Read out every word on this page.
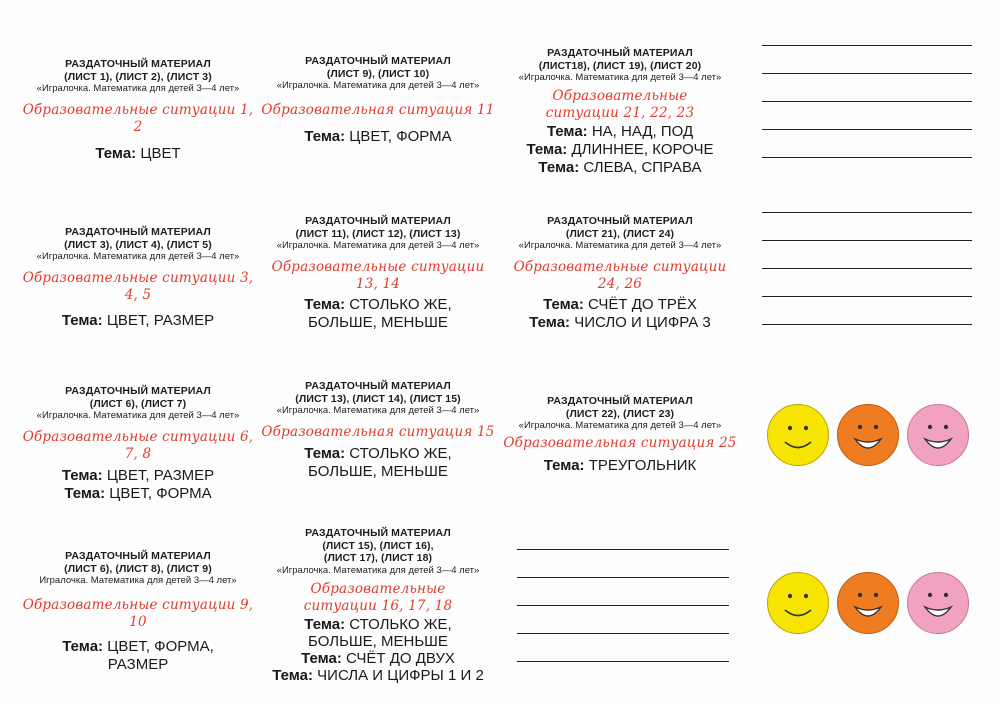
РАЗДАТОЧНЫЙ МАТЕРИАЛ
(ЛИСТ 1), (ЛИСТ 2), (ЛИСТ 3)
«Игралочка. Математика для детей 3—4 лет»
Образовательные ситуации 1, 2
Тема: ЦВЕТ
РАЗДАТОЧНЫЙ МАТЕРИАЛ
(ЛИСТ 9), (ЛИСТ 10)
«Игралочка. Математика для детей 3—4 лет»
Образовательная ситуация 11
Тема: ЦВЕТ, ФОРМА
РАЗДАТОЧНЫЙ МАТЕРИАЛ
(ЛИСТ18), (ЛИСТ 19), (ЛИСТ 20)
«Игралочка. Математика для детей 3—4 лет»
Образовательные
ситуации 21, 22, 23
Тема: НА, НАД, ПОД
Тема: ДЛИННЕЕ, КОРОЧЕ
Тема: СЛЕВА, СПРАВА
РАЗДАТОЧНЫЙ МАТЕРИАЛ
(ЛИСТ 3), (ЛИСТ 4), (ЛИСТ 5)
«Игралочка. Математика для детей 3—4 лет»
Образовательные ситуации 3, 4, 5
Тема: ЦВЕТ, РАЗМЕР
РАЗДАТОЧНЫЙ МАТЕРИАЛ
(ЛИСТ 11), (ЛИСТ 12), (ЛИСТ 13)
«Игралочка. Математика для детей 3—4 лет»
Образовательные ситуации 13, 14
Тема: СТОЛЬКО ЖЕ,
БОЛЬШЕ, МЕНЬШЕ
РАЗДАТОЧНЫЙ МАТЕРИАЛ
(ЛИСТ 21), (ЛИСТ 24)
«Игралочка. Математика для детей 3—4 лет»
Образовательные ситуации 24, 26
Тема: СЧЁТ ДО ТРЁХ
Тема: ЧИСЛО И ЦИФРА 3
РАЗДАТОЧНЫЙ МАТЕРИАЛ
(ЛИСТ 6), (ЛИСТ 7)
«Игралочка. Математика для детей 3—4 лет»
Образовательные ситуации 6, 7, 8
Тема: ЦВЕТ, РАЗМЕР
Тема: ЦВЕТ, ФОРМА
РАЗДАТОЧНЫЙ МАТЕРИАЛ
(ЛИСТ 13), (ЛИСТ 14), (ЛИСТ 15)
«Игралочка. Математика для детей 3—4 лет»
Образовательная ситуация 15
Тема: СТОЛЬКО ЖЕ,
БОЛЬШЕ, МЕНЬШЕ
РАЗДАТОЧНЫЙ МАТЕРИАЛ
(ЛИСТ 22), (ЛИСТ 23)
«Игралочка. Математика для детей 3—4 лет»
Образовательная ситуация 25
Тема: ТРЕУГОЛЬНИК
РАЗДАТОЧНЫЙ МАТЕРИАЛ
(ЛИСТ 6), (ЛИСТ 8), (ЛИСТ 9)
Игралочка. Математика для детей 3—4 лет»
Образовательные ситуации 9, 10
Тема: ЦВЕТ, ФОРМА,
РАЗМЕР
РАЗДАТОЧНЫЙ МАТЕРИАЛ
(ЛИСТ 15), (ЛИСТ 16),
(ЛИСТ 17), (ЛИСТ 18)
«Игралочка. Математика для детей 3—4 лет»
Образовательные
ситуации 16, 17, 18
Тема: СТОЛЬКО ЖЕ,
БОЛЬШЕ, МЕНЬШЕ
Тема: СЧЁТ ДО ДВУХ
Тема: ЧИСЛА И ЦИФРЫ 1 И 2
